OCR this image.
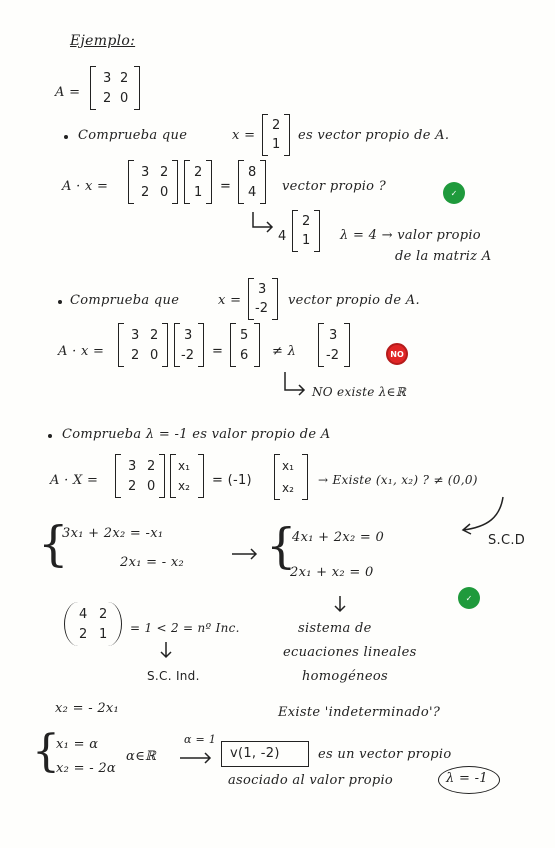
Ejemplo:
A =
3 2
2 0
Comprueba que	x =
2
1
es vector propio de A.
A · x =
3 2
2 0
2
1 =
8
4 vector propio ?	✓
4
2
1 λ = 4 → valor propio
de la matriz A
Comprueba que	x =
3
-2
vector propio de A.
A · x =
3 2
2 0
3
-2 =
5
6 ≠ λ
3
-2	NO
NO existe λ∈ℝ
Comprueba λ = -1 es valor propio de A
A · X =
3 2
2 0
x₁
x₂ = (-1)
x₁
x₂
→ Existe (x₁, x₂) ? ≠ (0,0)
{
3x₁ + 2x₂ = -x₁
2x₁ = - x₂ {
4x₁ + 2x₂ = 0
2x₁ + x₂ = 0
S.C.D
✓
4 2
2 1 = 1 < 2 = nº Inc.
S.C. Ind.
sistema de
ecuaciones lineales
homogéneos
x₂ = - 2x₁	Existe 'indeterminado'?
{
x₁ = α
x₂ = - 2α
α∈ℝ
α = 1
v(1, -2)	es un vector propio
asociado al valor propio	λ = -1
